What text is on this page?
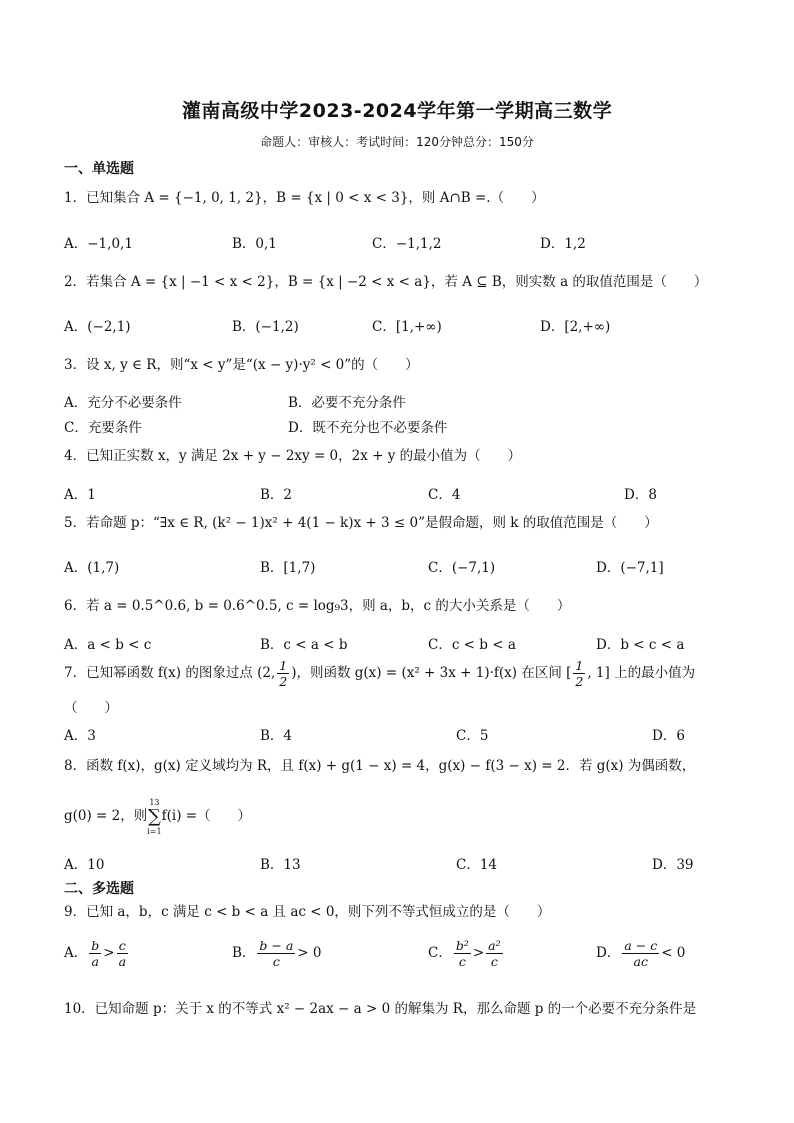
灌南高级中学2023-2024学年第一学期高三数学
命题人：审核人：考试时间：120分钟总分：150分
一、单选题
1．已知集合 A = {−1, 0, 1, 2}，B = {x | 0 < x < 3}，则 A∩B =.（　　）
A．−1,0,1	B．0,1	C．−1,1,2	D．1,2
2．若集合 A = {x | −1 < x < 2}，B = {x | −2 < x < a}，若 A ⊆ B，则实数 a 的取值范围是（　　）
A．(−2,1)	B．(−1,2)	C．[1,+∞)	D．[2,+∞)
3．设 x, y ∈ R，则“x < y”是“(x − y)·y² < 0”的（　　）
A．充分不必要条件	B．必要不充分条件
C．充要条件	D．既不充分也不必要条件
4．已知正实数 x，y 满足 2x + y − 2xy = 0，2x + y 的最小值为（　　）
A．1	B．2	C．4	D．8
5．若命题 p：“∃x ∈ R, (k² − 1)x² + 4(1 − k)x + 3 ≤ 0”是假命题，则 k 的取值范围是（　　）
A．(1,7)	B．[1,7)	C．(−7,1)	D．(−7,1]
6．若 a = 0.5^0.6, b = 0.6^0.5, c = log₉3，则 a，b，c 的大小关系是（　　）
A．a < b < c	B．c < a < b	C．c < b < a	D．b < c < a
7．已知幂函数 f(x) 的图象过点 (2, $\frac{1}{2}$ )，则函数 g(x) = (x² + 3x + 1)·f(x) 在区间 [ $\frac{1}{2}$ , 1] 上的最小值为
（　　）
A．3	B．4	C．5	D．6
8．函数 f(x)，g(x) 定义域均为 R，且 f(x) + g(1 − x) = 4，g(x) − f(3 − x) = 2．若 g(x) 为偶函数，
g(0) = 2，则
13
∑
i=1
f(i) =（　　）
A．10	B．13	C．14	D．39
二、多选题
9．已知 a，b，c 满足 c < b < a 且 ac < 0，则下列不等式恒成立的是（　　）
A． $\frac{b}{a} > \frac{c}{a}$	B． $\frac{b - a}{c} > 0$	C． $\frac{\text{b²}}{c} > \frac{\text{a²}}{c}$	D． $\frac{a - c}{ac} < 0$
10．已知命题 p：关于 x 的不等式 x² − 2ax − a > 0 的解集为 R，那么命题 p 的一个必要不充分条件是
